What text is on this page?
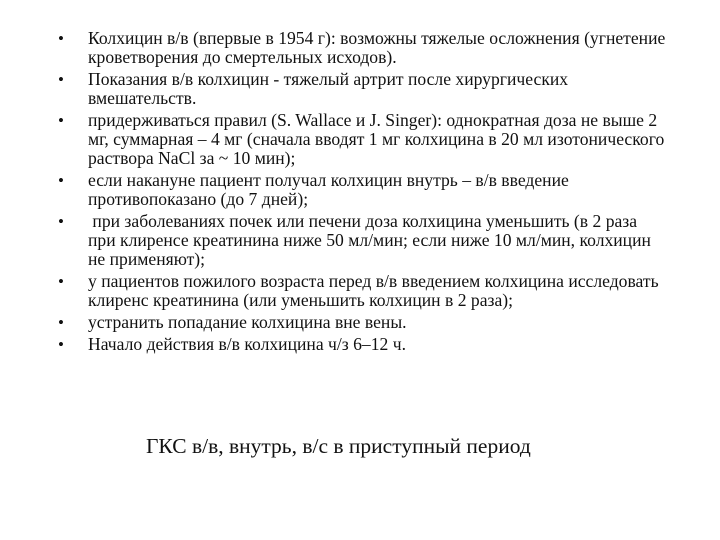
• Колхицин в/в (впервые в 1954 г): возможны тяжелые осложнения (угнетение кроветворения до смертельных исходов).
• Показания в/в колхицин - тяжелый артрит после хирургических вмешательств.
• придерживаться правил (S. Wallace и J. Singer): однократная доза не выше 2 мг, суммарная – 4 мг (сначала вводят 1 мг колхицина в 20 мл изотонического раствора NaCl за ~ 10 мин);
• если накануне пациент получал колхицин внутрь – в/в введение противопоказано (до 7 дней);
• при заболеваниях почек или печени доза колхицина уменьшить (в 2 раза при клиренсе креатинина ниже 50 мл/мин; если ниже 10 мл/мин, колхицин не применяют);
• у пациентов пожилого возраста перед в/в введением колхицина исследовать клиренс креатинина (или уменьшить колхицин в 2 раза);
• устранить попадание колхицина вне вены.
• Начало действия в/в колхицина ч/з 6–12 ч.
ГКС в/в, внутрь, в/с в приступный период
